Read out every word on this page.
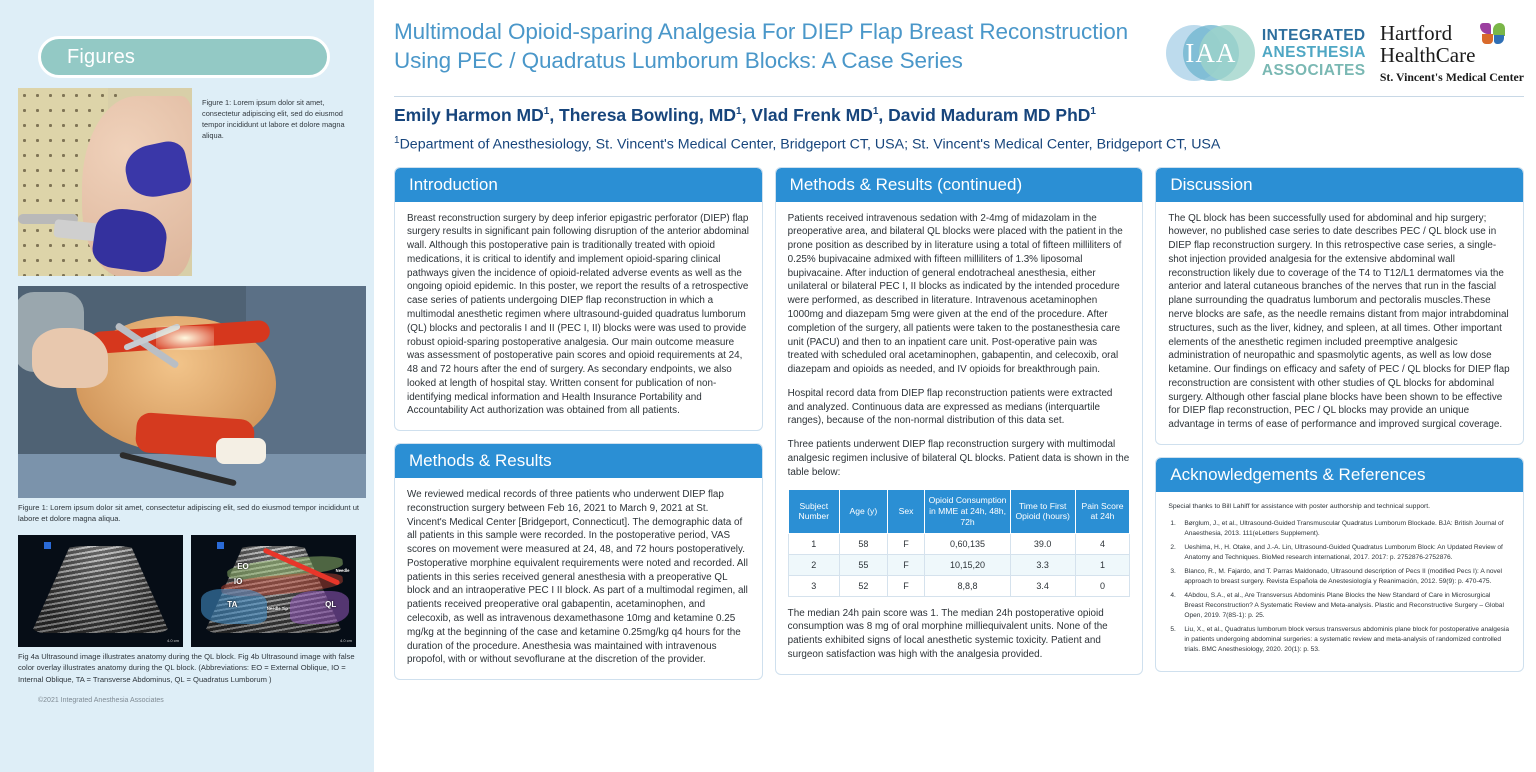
Figures
Figure 1: Lorem ipsum dolor sit amet, consectetur adipiscing elit, sed do eiusmod tempor incididunt ut labore et dolore magna aliqua.
Figure 1: Lorem ipsum dolor sit amet, consectetur adipiscing elit, sed do eiusmod tempor incididunt ut labore et dolore magna aliqua.
4.0 cm
EO
IO
TA	QL
Needle
Needle Tip
4.0 cm
Fig 4a Ultrasound image illustrates anatomy during the QL block. Fig 4b Ultrasound image with false color overlay illustrates anatomy during the QL block. (Abbreviations: EO = External Oblique, IO = Internal Oblique, TA = Transverse Abdominus, QL = Quadratus Lumborum )
©2021 Integrated Anesthesia Associates
Multimodal Opioid-sparing Analgesia For DIEP Flap Breast Reconstruction Using PEC / Quadratus Lumborum Blocks: A Case Series	IAA
INTEGRATED
ANESTHESIA
ASSOCIATES
Hartford
HealthCare
St. Vincent's Medical Center
Emily Harmon $MD^1$, Theresa Bowling, $MD^1$, Vlad Frenk $MD^1$, David Maduram MD PhD$^1$
$^1$Department of Anesthesiology, St. Vincent's Medical Center, Bridgeport CT, USA; St. Vincent's Medical Center, Bridgeport CT, USA
Introduction

Breast reconstruction surgery by deep inferior epigastric perforator (DIEP) flap surgery results in significant pain following disruption of the anterior abdominal wall. Although this postoperative pain is traditionally treated with opioid medications, it is critical to identify and implement opioid-sparing clinical pathways given the incidence of opioid-related adverse events as well as the ongoing opioid epidemic. In this poster, we report the results of a retrospective case series of patients undergoing DIEP flap reconstruction in which a multimodal anesthetic regimen where ultrasound-guided quadratus lumborum (QL) blocks and pectoralis I and II (PEC I, II) blocks were was used to provide robust opioid-sparing postoperative analgesia. Our main outcome measure was assessment of postoperative pain scores and opioid requirements at 24, 48 and 72 hours after the end of surgery. As secondary endpoints, we also looked at length of hospital stay. Written consent for publication of non-identifying medical information and Health Insurance Portability and Accountability Act authorization was obtained from all patients.

Methods & Results

We reviewed medical records of three patients who underwent DIEP flap reconstruction surgery between Feb 16, 2021 to March 9, 2021 at St. Vincent's Medical Center [Bridgeport, Connecticut]. The demographic data of all patients in this sample were recorded. In the postoperative period, VAS scores on movement were measured at 24, 48, and 72 hours postoperatively. Postoperative morphine equivalent requirements were noted and recorded. All patients in this series received general anesthesia with a preoperative QL block and an intraoperative PEC I II block. As part of a multimodal regimen, all patients received preoperative oral gabapentin, acetaminophen, and celecoxib, as well as intravenous dexamethasone 10mg and ketamine 0.25 mg/kg at the beginning of the case and ketamine 0.25mg/kg q4 hours for the duration of the procedure. Anesthesia was maintained with intravenous propofol, with or without sevoflurane at the discretion of the provider.

Methods & Results (continued)

Patients received intravenous sedation with 2-4mg of midazolam in the preoperative area, and bilateral QL blocks were placed with the patient in the prone position as described by in literature using a total of fifteen milliliters of 0.25% bupivacaine admixed with fifteen milliliters of 1.3% liposomal bupivacaine. After induction of general endotracheal anesthesia, either unilateral or bilateral PEC I, II blocks as indicated by the intended procedure were performed, as described in literature. Intravenous acetaminophen 1000mg and diazepam 5mg were given at the end of the procedure. After completion of the surgery, all patients were taken to the postanesthesia care unit (PACU) and then to an inpatient care unit. Post-operative pain was treated with scheduled oral acetaminophen, gabapentin, and celecoxib, oral diazepam and opioids as needed, and IV opioids for breakthrough pain.

Hospital record data from DIEP flap reconstruction patients were extracted and analyzed. Continuous data are expressed as medians (interquartile ranges), because of the non-normal distribution of this data set.

Three patients underwent DIEP flap reconstruction surgery with multimodal analgesic regimen inclusive of bilateral QL blocks. Patient data is shown in the table below:

Subject Number	Age (y)	Sex	Opioid Consumption in MME at 24h, 48h, 72h	Time to First Opioid (hours)	Pain Score at 24h
1	58	F	0,60,135	39.0	4
2	55	F	10,15,20	3.3	1
3	52	F	8,8,8	3.4	0

The median 24h pain score was 1. The median 24h postoperative opioid consumption was 8 mg of oral morphine milliequivalent units. None of the patients exhibited signs of local anesthetic systemic toxicity. Patient and surgeon satisfaction was high with the analgesia provided.

Discussion

The QL block has been successfully used for abdominal and hip surgery; however, no published case series to date describes PEC / QL block use in DIEP flap reconstruction surgery. In this retrospective case series, a single-shot injection provided analgesia for the extensive abdominal wall reconstruction likely due to coverage of the T4 to T12/L1 dermatomes via the anterior and lateral cutaneous branches of the nerves that run in the fascial plane surrounding the quadratus lumborum and pectoralis muscles.These nerve blocks are safe, as the needle remains distant from major intrabdominal structures, such as the liver, kidney, and spleen, at all times. Other important elements of the anesthetic regimen included preemptive analgesic administration of neuropathic and spasmolytic agents, as well as low dose ketamine. Our findings on efficacy and safety of PEC / QL blocks for DIEP flap reconstruction are consistent with other studies of QL blocks for abdominal surgery. Although other fascial plane blocks have been shown to be effective for DIEP flap reconstruction, PEC / QL blocks may provide an unique advantage in terms of ease of performance and improved surgical coverage.

Acknowledgements & References

Special thanks to Bill Lahiff for assistance with poster authorship and technical support.

Børglum, J., et al., Ultrasound-Guided Transmuscular Quadratus Lumborum Blockade. BJA: British Journal of Anaesthesia, 2013. 111(eLetters Supplement).
Ueshima, H., H. Otake, and J.-A. Lin, Ultrasound-Guided Quadratus Lumborum Block: An Updated Review of Anatomy and Techniques. BioMed research international, 2017. 2017: p. 2752876-2752876.
Blanco, R., M. Fajardo, and T. Parras Maldonado, Ultrasound description of Pecs II (modified Pecs I): A novel approach to breast surgery. Revista Española de Anestesiología y Reanimación, 2012. 59(9): p. 470-475.
4Abdou, S.A., et al., Are Transversus Abdominis Plane Blocks the New Standard of Care in Microsurgical Breast Reconstruction? A Systematic Review and Meta-analysis. Plastic and Reconstructive Surgery – Global Open, 2019. 7(8S-1): p. 25.
Liu, X., et al., Quadratus lumborum block versus transversus abdominis plane block for postoperative analgesia in patients undergoing abdominal surgeries: a systematic review and meta-analysis of randomized controlled trials. BMC Anesthesiology, 2020. 20(1): p. 53.
